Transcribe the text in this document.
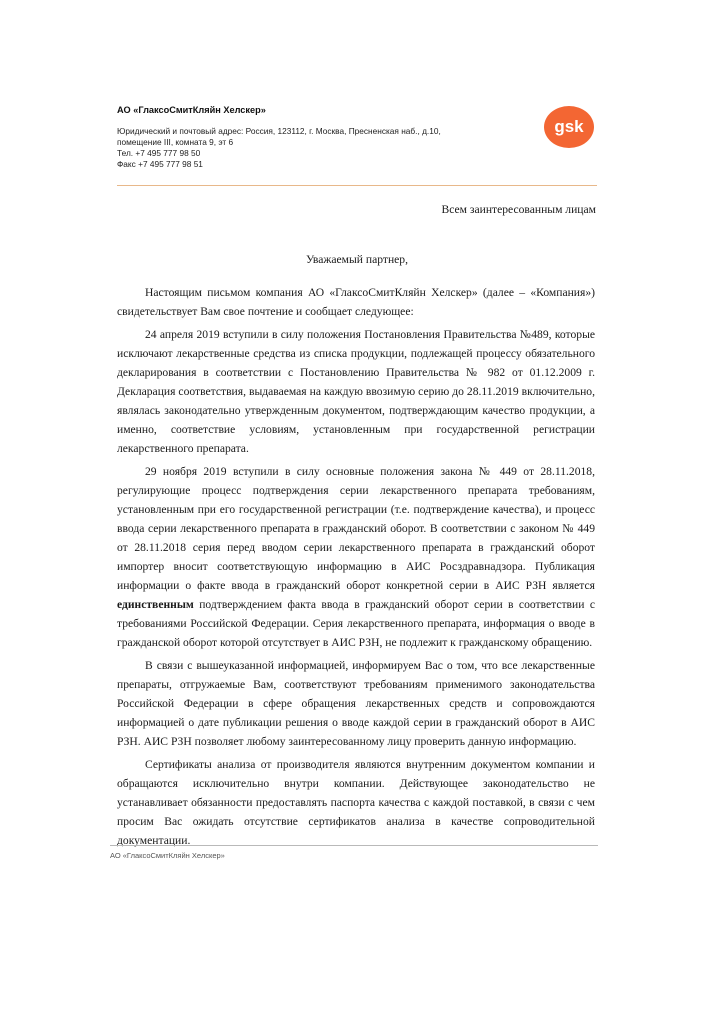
АО «ГлаксоСмитКляйн Хелскер»
Юридический и почтовый адрес: Россия, 123112, г. Москва, Пресненская наб., д.10,
помещение III, комната 9, эт 6
Тел. +7 495 777 98 50
Факс +7 495 777 98 51
gsk
Всем заинтересованным лицам
Уважаемый партнер,

Настоящим письмом компания АО «ГлаксоСмитКляйн Хелскер» (далее – «Компания») свидетельствует Вам свое почтение и сообщает следующее:

24 апреля 2019 вступили в силу положения Постановления Правительства №489, которые исключают лекарственные средства из списка продукции, подлежащей процессу обязательного декларирования в соответствии с Постановлению Правительства № 982 от 01.12.2009 г. Декларация соответствия, выдаваемая на каждую ввозимую серию до 28.11.2019 включительно, являлась законодательно утвержденным документом, подтверждающим качество продукции, а именно, соответствие условиям, установленным при государственной регистрации лекарственного препарата.

29 ноября 2019 вступили в силу основные положения закона № 449 от 28.11.2018, регулирующие процесс подтверждения серии лекарственного препарата требованиям, установленным при его государственной регистрации (т.е. подтверждение качества), и процесс ввода серии лекарственного препарата в гражданский оборот. В соответствии с законом № 449 от 28.11.2018 серия перед вводом серии лекарственного препарата в гражданский оборот импортер вносит соответствующую информацию в АИС Росздравнадзора. Публикация информации о факте ввода в гражданский оборот конкретной серии в АИС РЗН является единственным подтверждением факта ввода в гражданский оборот серии в соответствии с требованиями Российской Федерации. Серия лекарственного препарата, информация о вводе в гражданской оборот которой отсутствует в АИС РЗН, не подлежит к гражданскому обращению.

В связи с вышеуказанной информацией, информируем Вас о том, что все лекарственные препараты, отгружаемые Вам, соответствуют требованиям применимого законодательства Российской Федерации в сфере обращения лекарственных средств и сопровождаются информацией о дате публикации решения о вводе каждой серии в гражданский оборот в АИС РЗН. АИС РЗН позволяет любому заинтересованному лицу проверить данную информацию.

Сертификаты анализа от производителя являются внутренним документом компании и обращаются исключительно внутри компании. Действующее законодательство не устанавливает обязанности предоставлять паспорта качества с каждой поставкой, в связи с чем просим Вас ожидать отсутствие сертификатов анализа в качестве сопроводительной документации.

АО «ГлаксоСмитКляйн Хелскер»
